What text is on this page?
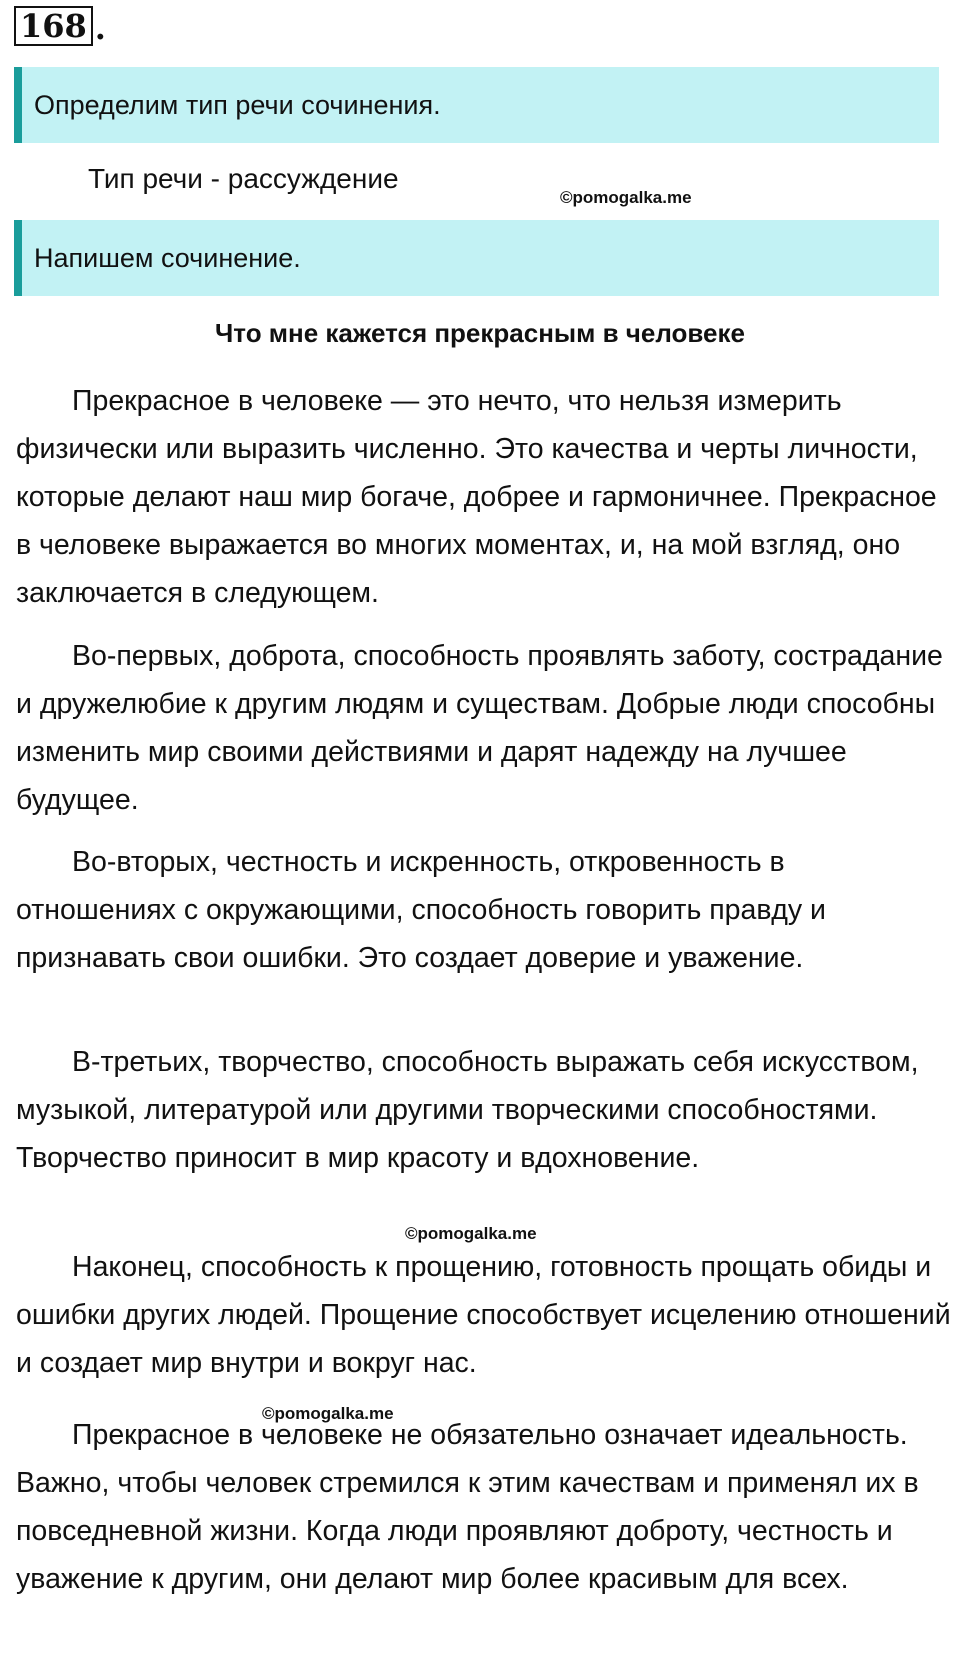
168 .
Определим тип речи сочинения.
Тип речи - рассуждение
©pomogalka.me
Напишем сочинение.
Что мне кажется прекрасным в человеке

Прекрасное в человеке — это нечто, что нельзя измерить физически или выразить численно. Это качества и черты личности, которые делают наш мир богаче, добрее и гармоничнее. Прекрасное в человеке выражается во многих моментах, и, на мой взгляд, оно заключается в следующем.

Во-первых, доброта, способность проявлять заботу, сострадание и дружелюбие к другим людям и существам. Добрые люди способны изменить мир своими действиями и дарят надежду на лучшее будущее.

Во-вторых, честность и искренность, откровенность в отношениях с окружающими, способность говорить правду и признавать свои ошибки. Это создает доверие и уважение.

В-третьих, творчество, способность выражать себя искусством, музыкой, литературой или другими творческими способностями. Творчество приносит в мир красоту и вдохновение.

©pomogalka.me

Наконец, способность к прощению, готовность прощать обиды и ошибки других людей. Прощение способствует исцелению отношений и создает мир внутри и вокруг нас.

©pomogalka.me

Прекрасное в человеке не обязательно означает идеальность. Важно, чтобы человек стремился к этим качествам и применял их в повседневной жизни. Когда люди проявляют доброту, честность и уважение к другим, они делают мир более красивым для всех.
